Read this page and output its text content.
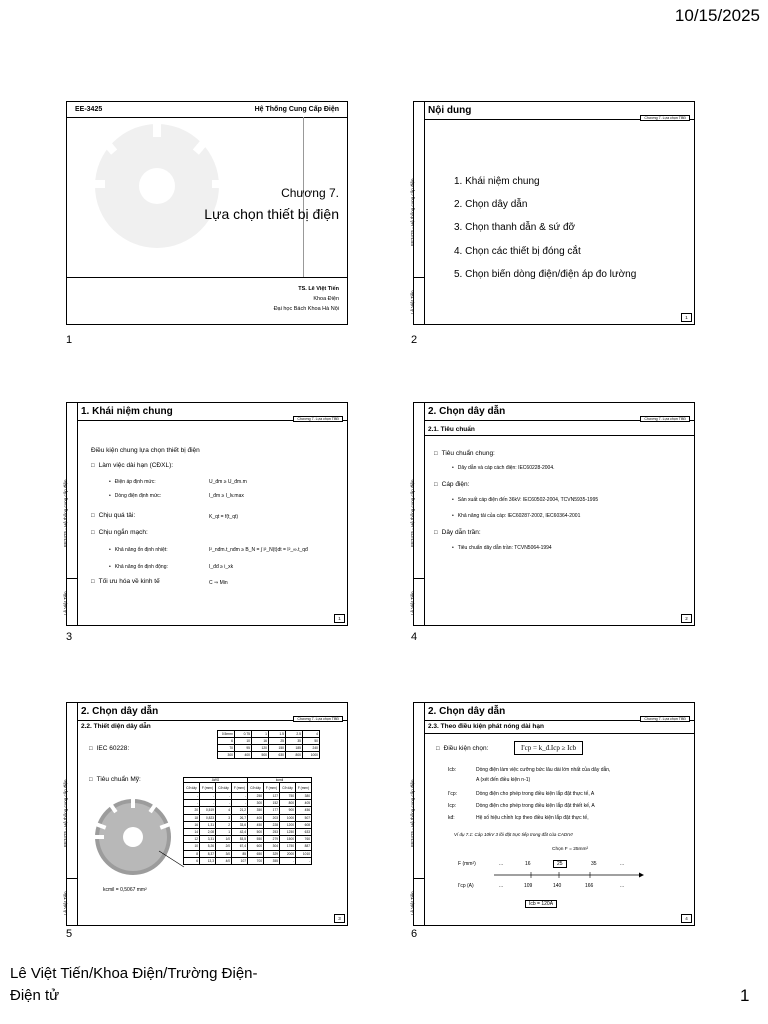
10/15/2025
EE-3425	Hệ Thống Cung Cấp Điện
Chương 7.
Lựa chọn thiết bị điện
TS. Lê Việt Tiến
Khoa Điện
Đại học Bách Khoa Hà Nội
1
EE3425 - Hệ thống cung cấp điện
Lê Việt Tiến
Nội dung
Chương 7. Lựa chọn TBĐ
1. Khái niệm chung
2. Chọn dây dẫn
3. Chọn thanh dẫn & sứ đỡ
4. Chọn các thiết bị đóng cắt
5. Chọn biến dòng điện/điện áp đo lường
1
2
EE3425 - Hệ thống cung cấp điện
Lê Việt Tiến
1. Khái niệm chung
Chương 7. Lựa chọn TBĐ
Điều kiện chung lựa chọn thiết bị điện
□ Làm việc dài hạn (CĐXL):
• Điện áp định mức:	U_đm ≥ U_đm.m
• Dòng điện định mức:	I_đm ≥ I_lv.max
□ Chịu quá tải:	K_qt = f(t_qt)
□ Chịu ngắn mạch:
• Khả năng ổn định nhiệt:	I²_nđm.t_nđm ≥ B_N = ∫ i²_N(t)dt = I²_∞.t_qđ
• Khả năng ổn định động:	I_đđ ≥ i_xk
□ Tối ưu hóa về kinh tế	C ⇒ Min
1
3
EE3425 - Hệ thống cung cấp điện
Lê Việt Tiến
2. Chọn dây dẫn
Chương 7. Lựa chọn TBĐ
2.1. Tiêu chuẩn
□ Tiêu chuẩn chung:
• Dây dẫn và cáp cách điện: IEC60228-2004.
□ Cáp điện:
• Sản xuất cáp điện đến 36kV: IEC60502-2004, TCVN5935-1995
• Khả năng tải của cáp: IEC60287-2002, IEC60364-2001
□ Dây dẫn trần:
• Tiêu chuẩn dây dẫn trần: TCVN5064-1994
2
4
EE3425 - Hệ thống cung cấp điện
Lê Việt Tiến
2. Chọn dây dẫn
Chương 7. Lựa chọn TBĐ
2.2. Thiết diện dây dẫn
□ IEC 60228:
□ Tiêu chuẩn Mỹ:
0.5mm²	0.75	1	1.5	2.5	4
6	10	16	25	35	50
70	95	120	150	185	240
300	400	500	630	800	1000
AWG				kcmil			
Cỡ dây	F (mm²)	Cỡ dây	F (mm²)	Cỡ dây	F (mm²)	Cỡ dây	F (mm²)
-	-	-	-	250	127	750	380
-	-	-	-	300	152	800	405
20	0,519	4	21,2	350	177	900	456
18	0,823	3	26,7	400	203	1000	507
16	1,31	2	33,6	450	228	1200	608
14	2,08	1	42,4	500	253	1250	633
12	3,31	1/0	53,5	550	279	1500	760
10	5,26	2/0	67,4	600	304	1750	887
8	8,37	3/0	85	650	329	2000	1010
6	13,3	4/0	107	700	355	-	-
kcmil = 0,5067 mm²
3
5
EE3425 - Hệ thống cung cấp điện
Lê Việt Tiến
2. Chọn dây dẫn
Chương 7. Lựa chọn TBĐ
2.3. Theo điều kiện phát nóng dài hạn
□ Điều kiện chọn:	I'cp = k_đ.Icp ≥ Icb
Icb:	Dòng điện làm việc cưỡng bức lâu dài lớn nhất của dây dẫn,
A (xét đến điều kiện n-1)
I'cp:	Dòng điện cho phép trong điều kiện lắp đặt thực tế, A
Icp:	Dòng điện cho phép trong điều kiện lắp đặt thiết kế, A
kđ:	Hệ số hiệu chỉnh Icp theo điều kiện lắp đặt thực tế,
Ví dụ 7.1: Cáp 10kV 3 lõi đặt trực tiếp trong đất của CADIVI
Chọn F = 25mm²
F (mm²)	...	16	25	35	...
I'cp (A)	...	109	140	166	...
Icb = 120A
4
6
Lê Việt Tiến/Khoa Điện/Trường Điện-
Điện tử	1
